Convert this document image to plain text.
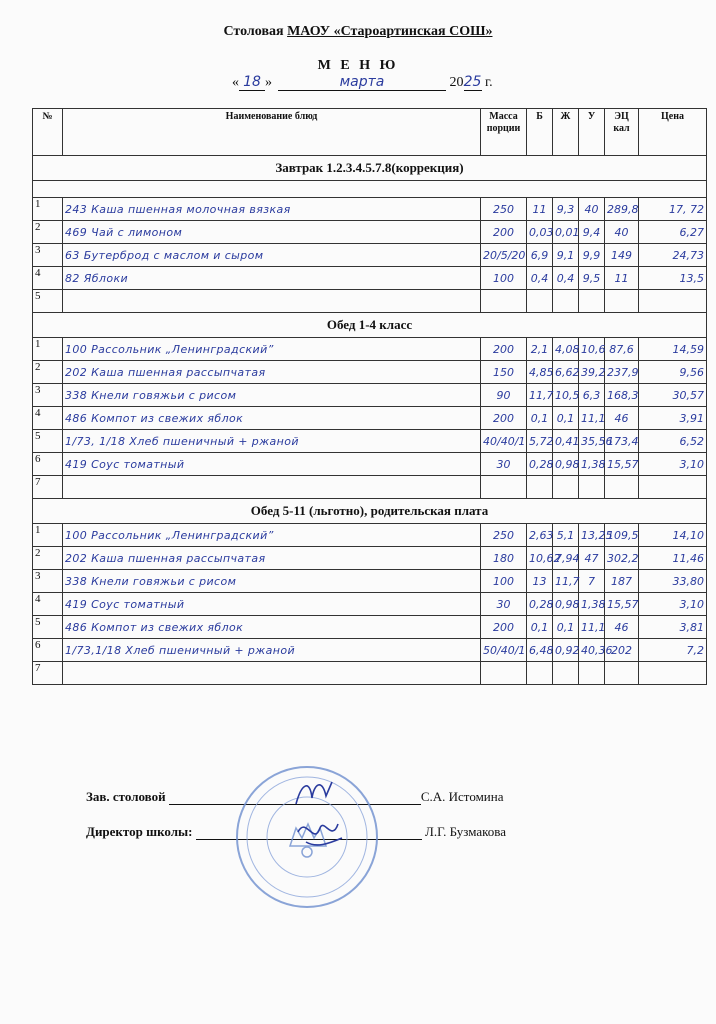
Столовая МАОУ «Староартинская СОШ»
М Е Н Ю
« 18 »	марта	2025 г.
№	Наименование блюд	Масса порции	Б	Ж	У	ЭЦ кал	Цена
Завтрак 1.2.3.4.5.7.8(коррекция)							

1	243 Каша пшенная молочная вязкая	250	11	9,3	40	289,8	17, 72
2	469 Чай с лимоном	200	0,03	0,01	9,4	40	6,27
3	63 Бутерброд с маслом и сыром	20/5/20	6,9	9,1	9,9	149	24,73
4	82 Яблоки	100	0,4	0,4	9,5	11	13,5
5							
Обед 1-4 класс							
1	100 Рассольник „Ленинградский”	200	2,1	4,08	10,6	87,6	14,59
2	202 Каша пшенная рассыпчатая	150	4,85	6,62	39,2	237,9	9,56
3	338 Кнели говяжьи с рисом	90	11,7	10,5	6,3	168,3	30,57
4	486 Компот из свежих яблок	200	0,1	0,1	11,1	46	3,91
5	1/73, 1/18 Хлеб пшеничный + ржаной	40/40/1	5,72	0,41	35,56	173,4	6,52
6	419 Соус томатный	30	0,28	0,98	1,38	15,57	3,10
7							
Обед 5-11 (льготно), родительская плата							
1	100 Рассольник „Ленинградский”	250	2,63	5,1	13,25	109,5	14,10
2	202 Каша пшенная рассыпчатая	180	10,62	7,94	47	302,2	11,46
3	338 Кнели говяжьи с рисом	100	13	11,7	7	187	33,80
4	419 Соус томатный	30	0,28	0,98	1,38	15,57	3,10
5	486 Компот из свежих яблок	200	0,1	0,1	11,1	46	3,81
6	1/73,1/18 Хлеб пшеничный + ржаной	50/40/1	6,48	0,92	40,36	202	7,2
7							
Зав. столовой	С.А. Истомина
Директор школы:	Л.Г. Бузмакова
